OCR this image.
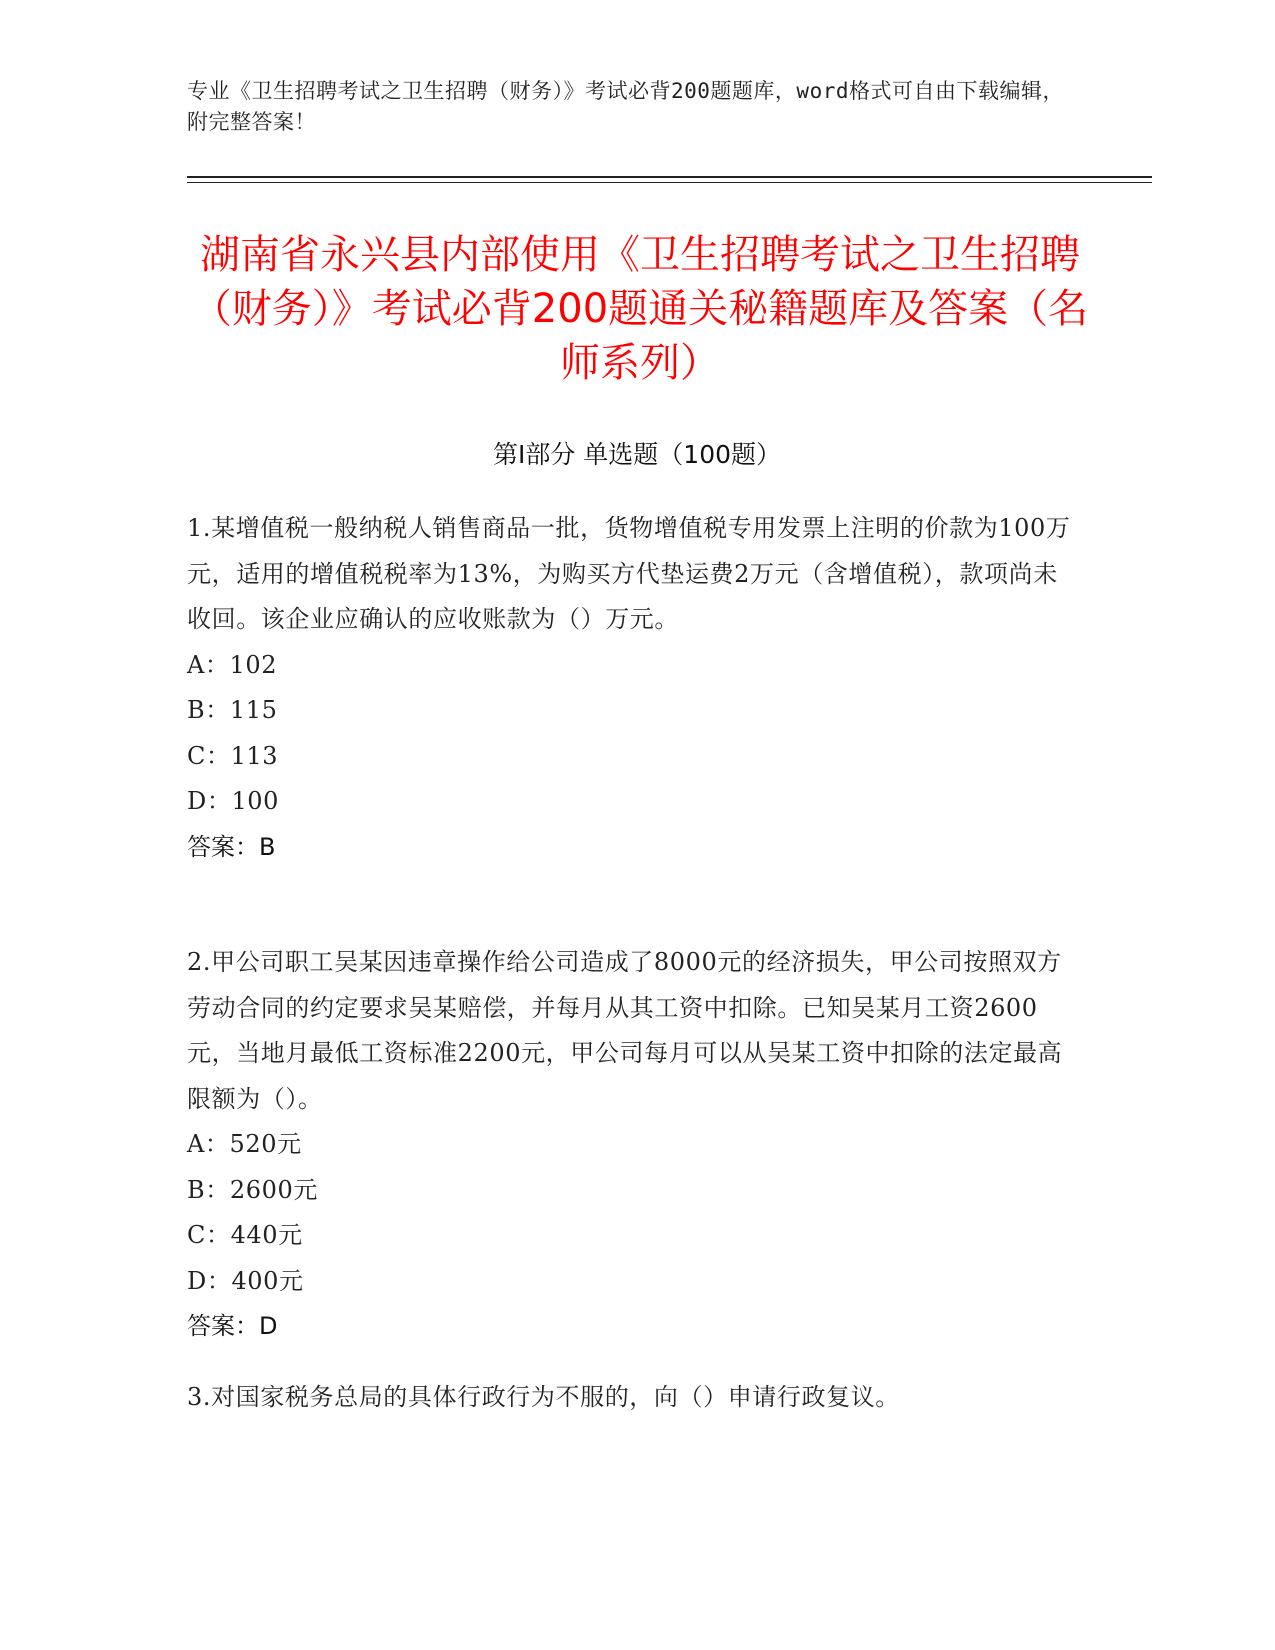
专业《卫生招聘考试之卫生招聘（财务）》考试必背200题题库，word格式可自由下载编辑，附完整答案！
湖南省永兴县内部使用《卫生招聘考试之卫生招聘（财务）》考试必背200题通关秘籍题库及答案（名师系列）
第Ⅰ部分 单选题（100题）

1.某增值税一般纳税人销售商品一批，货物增值税专用发票上注明的价款为100万元，适用的增值税税率为13%，为购买方代垫运费2万元（含增值税），款项尚未收回。该企业应确认的应收账款为（）万元。

A：102

B：115

C：113

D：100

答案：B

2.甲公司职工吴某因违章操作给公司造成了8000元的经济损失，甲公司按照双方劳动合同的约定要求吴某赔偿，并每月从其工资中扣除。已知吴某月工资2600元，当地月最低工资标准2200元，甲公司每月可以从吴某工资中扣除的法定最高限额为（）。

A：520元

B：2600元

C：440元

D：400元

答案：D

3.对国家税务总局的具体行政行为不服的，向（）申请行政复议。
